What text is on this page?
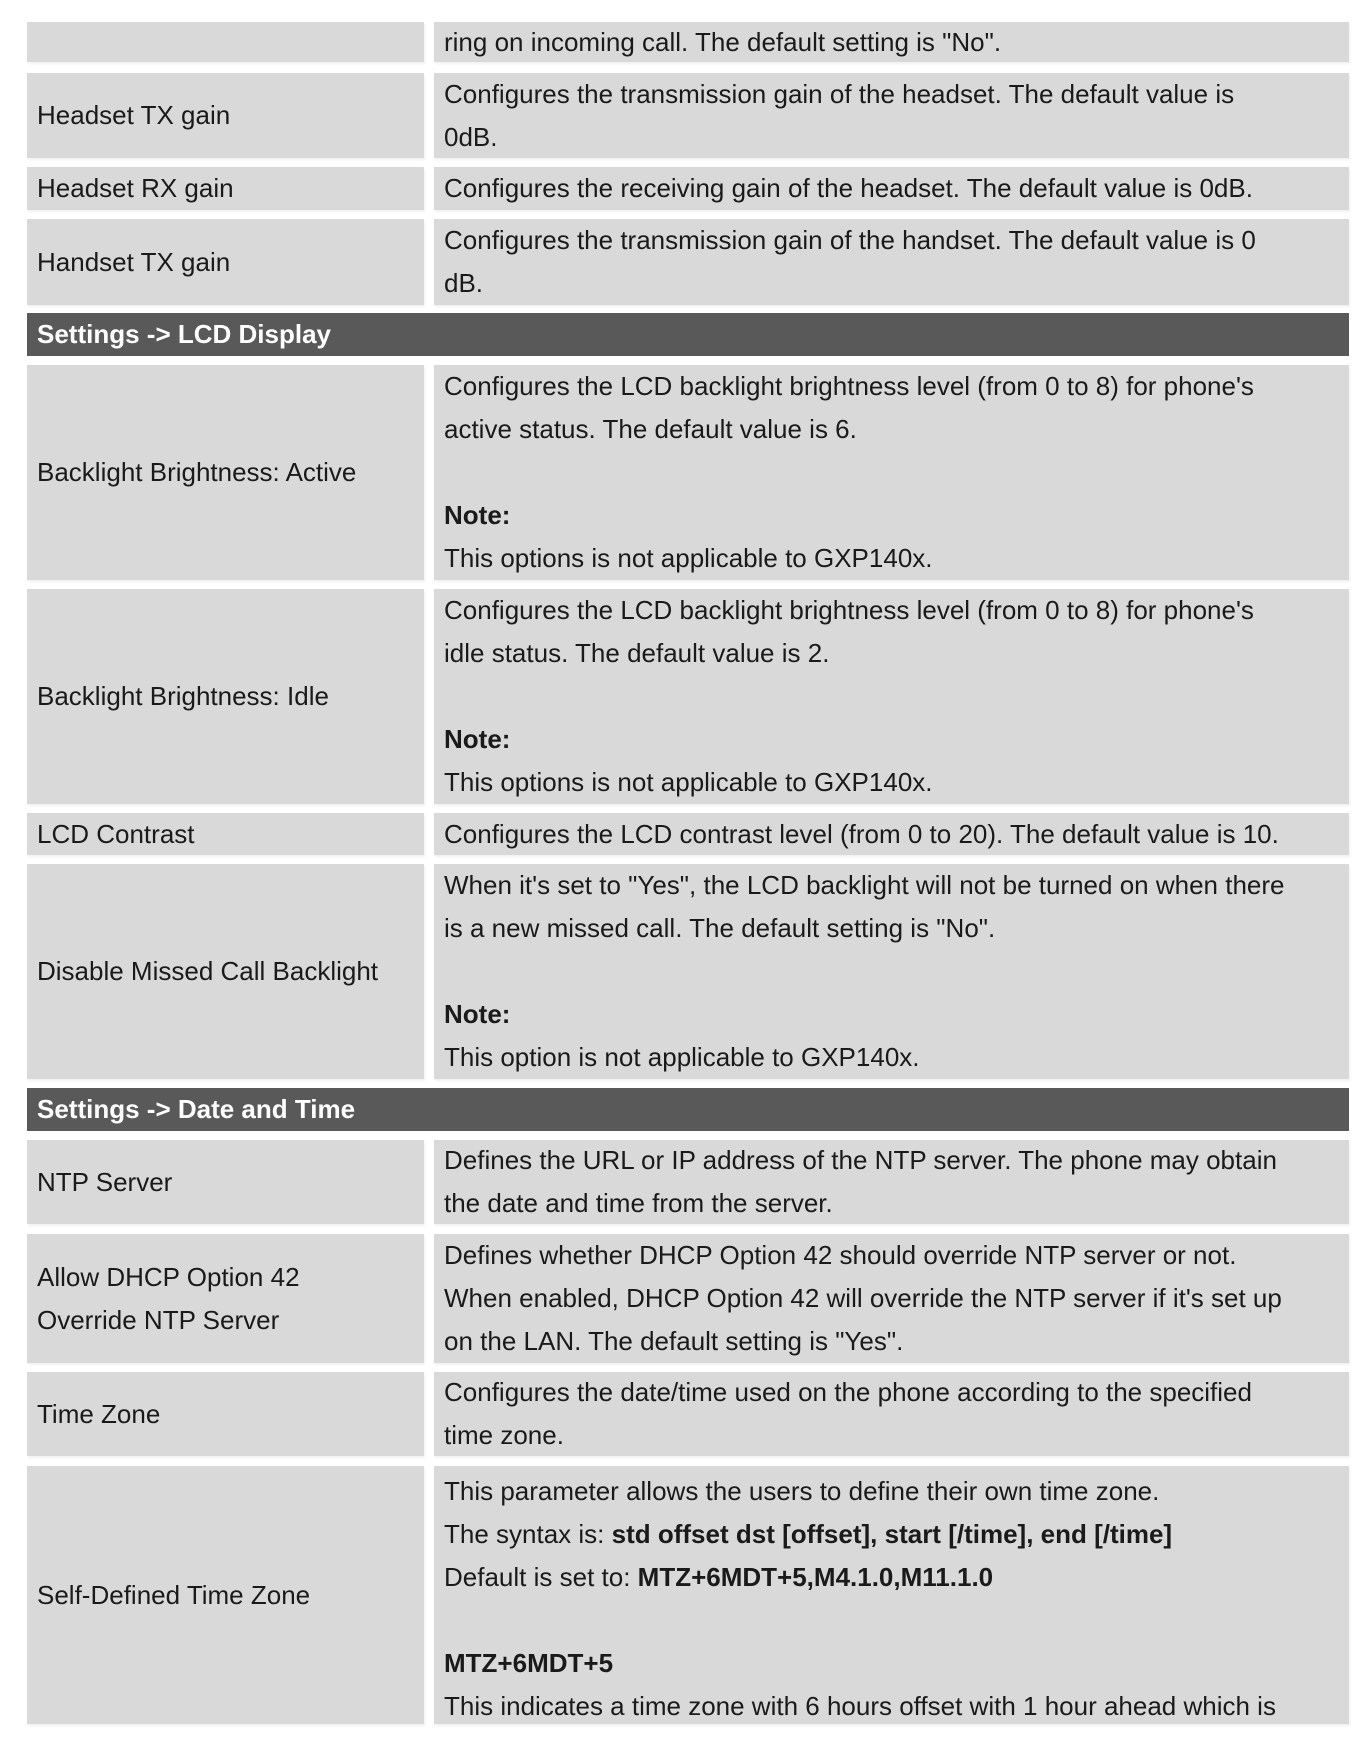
ring on incoming call. The default setting is "No".
Headset TX gain
Configures the transmission gain of the headset. The default value is
0dB.
Headset RX gain	Configures the receiving gain of the headset. The default value is 0dB.
Handset TX gain
Configures the transmission gain of the handset. The default value is 0
dB.
Settings -> LCD Display
Backlight Brightness: Active
Configures the LCD backlight brightness level (from 0 to 8) for phone's
active status. The default value is 6.
Note:
This options is not applicable to GXP140x.
Backlight Brightness: Idle
Configures the LCD backlight brightness level (from 0 to 8) for phone's
idle status. The default value is 2.
Note:
This options is not applicable to GXP140x.
LCD Contrast	Configures the LCD contrast level (from 0 to 20). The default value is 10.
Disable Missed Call Backlight
When it's set to "Yes", the LCD backlight will not be turned on when there
is a new missed call. The default setting is "No".
Note:
This option is not applicable to GXP140x.
Settings -> Date and Time
NTP Server
Defines the URL or IP address of the NTP server. The phone may obtain
the date and time from the server.
Allow DHCP Option 42
Override NTP Server
Defines whether DHCP Option 42 should override NTP server or not.
When enabled, DHCP Option 42 will override the NTP server if it's set up
on the LAN. The default setting is "Yes".
Time Zone
Configures the date/time used on the phone according to the specified
time zone.
Self-Defined Time Zone
This parameter allows the users to define their own time zone.
The syntax is: std offset dst [offset], start [/time], end [/time]
Default is set to: MTZ+6MDT+5,M4.1.0,M11.1.0
MTZ+6MDT+5
This indicates a time zone with 6 hours offset with 1 hour ahead which is
